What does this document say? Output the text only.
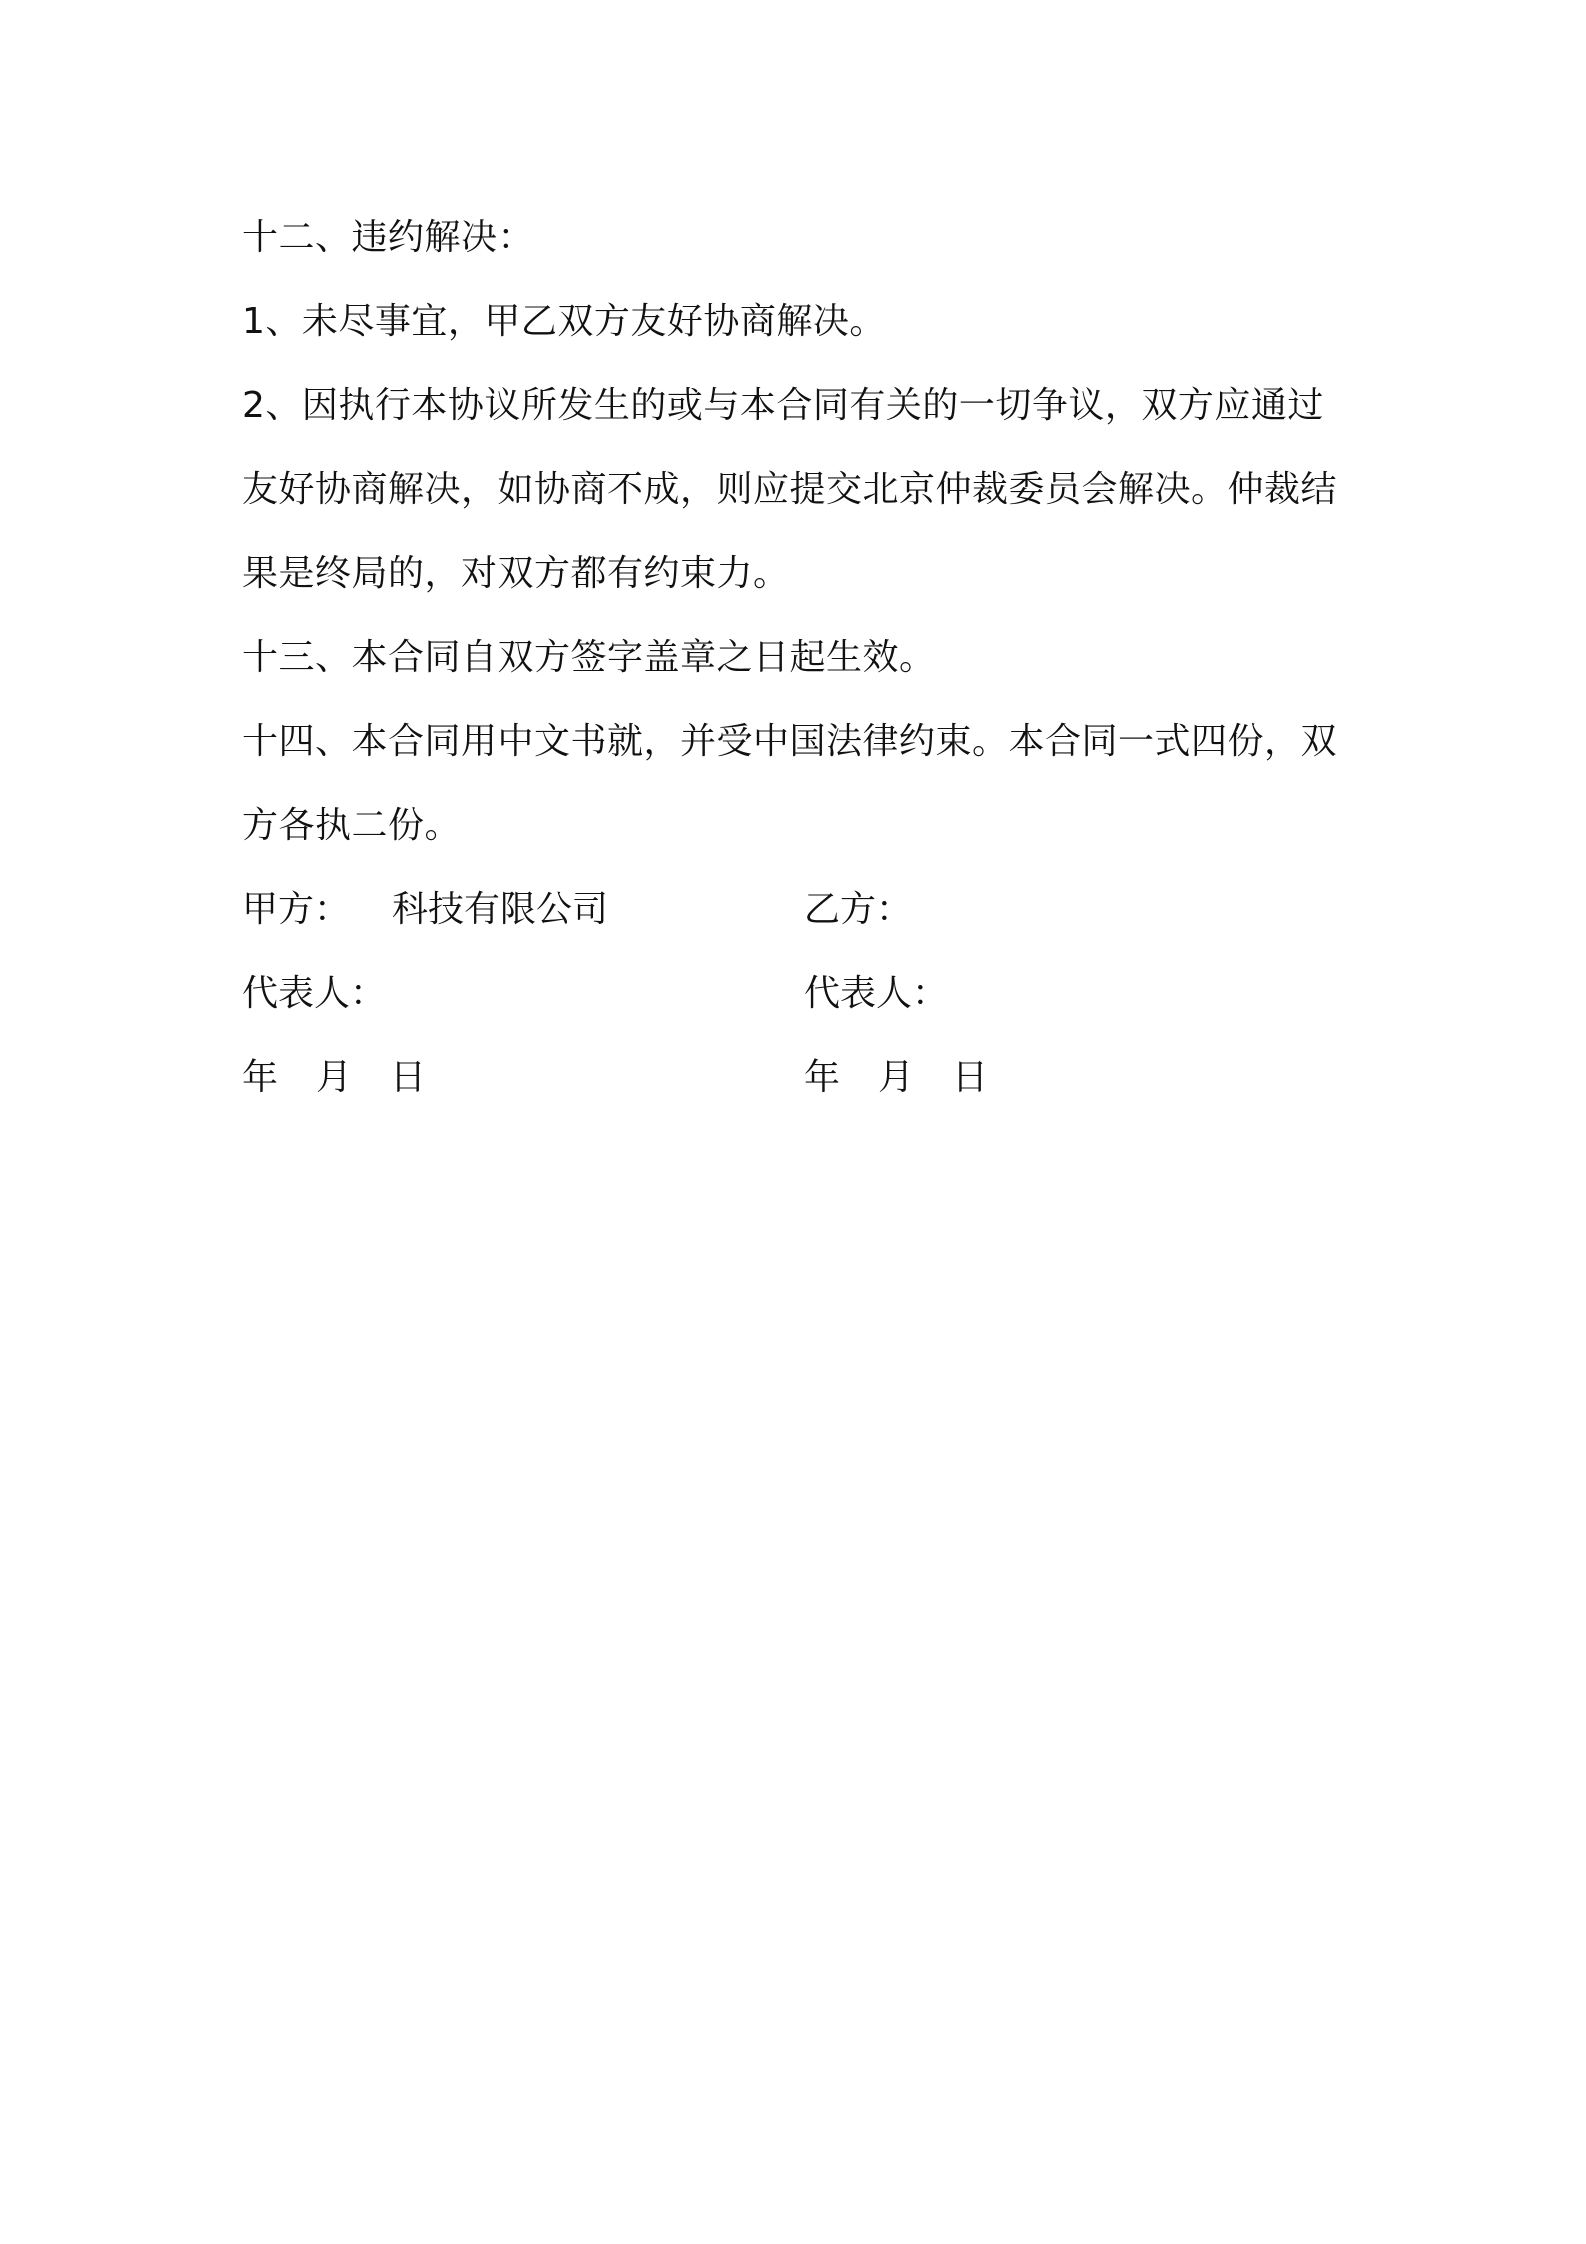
十二、违约解决：
1、未尽事宜，甲乙双方友好协商解决。
2、因执行本协议所发生的或与本合同有关的一切争议，双方应通过
友好协商解决，如协商不成，则应提交北京仲裁委员会解决。仲裁结
果是终局的，对双方都有约束力。
十三、本合同自双方签字盖章之日起生效。
十四、本合同用中文书就，并受中国法律约束。本合同一式四份，双
方各执二份。
甲方： 科技有限公司	乙方：
代表人：	代表人：
年 月 日	年 月 日
